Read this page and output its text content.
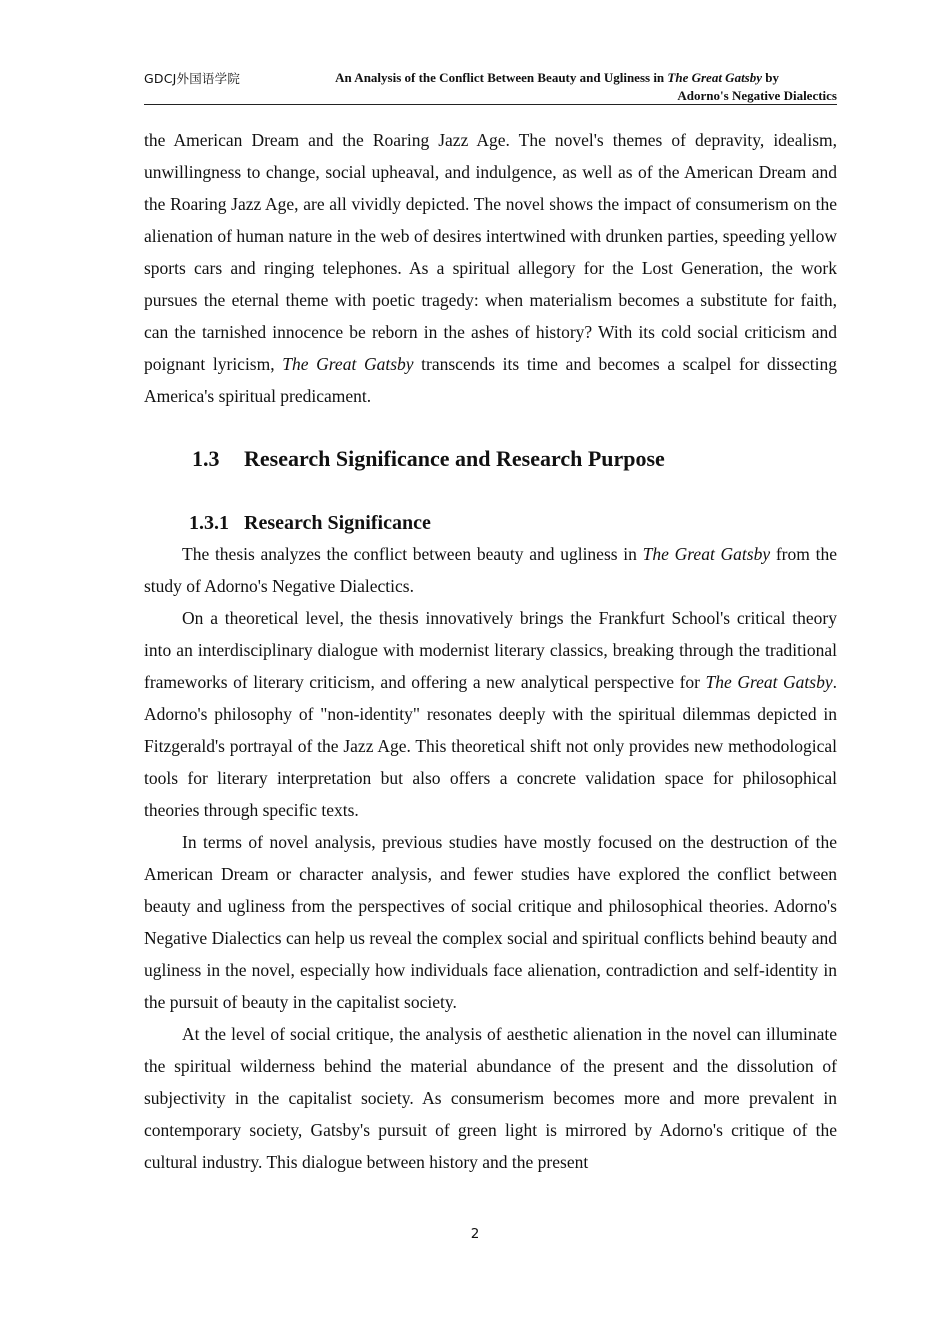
GDCJ外国语学院	An Analysis of the Conflict Between Beauty and Ugliness in The Great Gatsby by
Adorno's Negative Dialectics

the American Dream and the Roaring Jazz Age. The novel's themes of depravity, idealism, unwillingness to change, social upheaval, and indulgence, as well as of the American Dream and the Roaring Jazz Age, are all vividly depicted. The novel shows the impact of consumerism on the alienation of human nature in the web of desires intertwined with drunken parties, speeding yellow sports cars and ringing telephones. As a spiritual allegory for the Lost Generation, the work pursues the eternal theme with poetic tragedy: when materialism becomes a substitute for faith, can the tarnished innocence be reborn in the ashes of history? With its cold social criticism and poignant lyricism, The Great Gatsby transcends its time and becomes a scalpel for dissecting America's spiritual predicament.

1.3 Research Significance and Research Purpose
1.3.1 Research Significance

The thesis analyzes the conflict between beauty and ugliness in The Great Gatsby from the study of Adorno's Negative Dialectics.

On a theoretical level, the thesis innovatively brings the Frankfurt School's critical theory into an interdisciplinary dialogue with modernist literary classics, breaking through the traditional frameworks of literary criticism, and offering a new analytical perspective for The Great Gatsby. Adorno's philosophy of "non-identity" resonates deeply with the spiritual dilemmas depicted in Fitzgerald's portrayal of the Jazz Age. This theoretical shift not only provides new methodological tools for literary interpretation but also offers a concrete validation space for philosophical theories through specific texts.

In terms of novel analysis, previous studies have mostly focused on the destruction of the American Dream or character analysis, and fewer studies have explored the conflict between beauty and ugliness from the perspectives of social critique and philosophical theories. Adorno's Negative Dialectics can help us reveal the complex social and spiritual conflicts behind beauty and ugliness in the novel, especially how individuals face alienation, contradiction and self-identity in the pursuit of beauty in the capitalist society.

At the level of social critique, the analysis of aesthetic alienation in the novel can illuminate the spiritual wilderness behind the material abundance of the present and the dissolution of subjectivity in the capitalist society. As consumerism becomes more and more prevalent in contemporary society, Gatsby's pursuit of green light is mirrored by Adorno's critique of the cultural industry. This dialogue between history and the present

2
